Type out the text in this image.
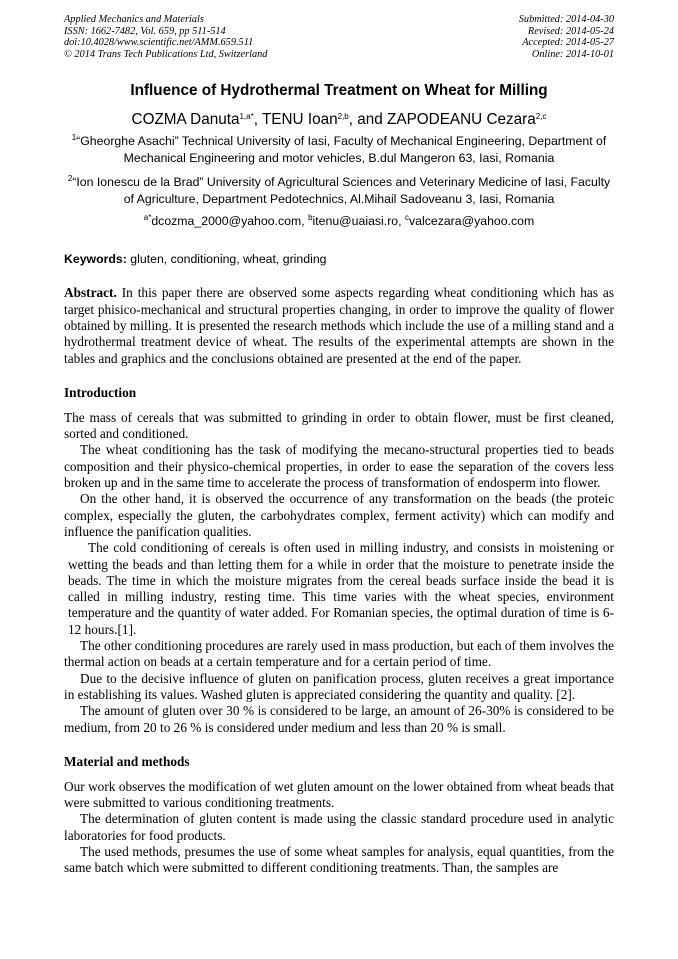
Applied Mechanics and Materials
ISSN: 1662-7482, Vol. 659, pp 511-514
doi:10.4028/www.scientific.net/AMM.659.511
© 2014 Trans Tech Publications Ltd, Switzerland
Submitted: 2014-04-30
Revised: 2014-05-24
Accepted: 2014-05-27
Online: 2014-10-01
Influence of Hydrothermal Treatment on Wheat for Milling
COZMA Danuta$^{1,a*}$, TENU Ioan$^{2,b}$, and ZAPODEANU Cezara$^{2,c}$
$^1$“Gheorghe Asachi” Technical University of Iasi, Faculty of Mechanical Engineering, Department of Mechanical Engineering and motor vehicles, B.dul Mangeron 63, Iasi, Romania
$^2$“Ion Ionescu de la Brad” University of Agricultural Sciences and Veterinary Medicine of Iasi, Faculty of Agriculture, Department Pedotechnics, Al.Mihail Sadoveanu 3, Iasi, Romania
$^{a*}$dcozma_2000@yahoo.com, $^b$itenu@uaiasi.ro, $^c$valcezara@yahoo.com
Keywords: gluten, conditioning, wheat, grinding
Abstract. In this paper there are observed some aspects regarding wheat conditioning which has as target phisico-mechanical and structural properties changing, in order to improve the quality of flower obtained by milling. It is presented the research methods which include the use of a milling stand and a hydrothermal treatment device of wheat. The results of the experimental attempts are shown in the tables and graphics and the conclusions obtained are presented at the end of the paper.
Introduction

The mass of cereals that was submitted to grinding in order to obtain flower, must be first cleaned, sorted and conditioned.

The wheat conditioning has the task of modifying the mecano-structural properties tied to beads composition and their physico-chemical properties, in order to ease the separation of the covers less broken up and in the same time to accelerate the process of transformation of endosperm into flower.

On the other hand, it is observed the occurrence of any transformation on the beads (the proteic complex, especially the gluten, the carbohydrates complex, ferment activity) which can modify and influence the panification qualities.

The cold conditioning of cereals is often used in milling industry, and consists in moistening or wetting the beads and than letting them for a while in order that the moisture to penetrate inside the beads. The time in which the moisture migrates from the cereal beads surface inside the bead it is called in milling industry, resting time. This time varies with the wheat species, environment temperature and the quantity of water added. For Romanian species, the optimal duration of time is 6-12 hours.[1].

The other conditioning procedures are rarely used in mass production, but each of them involves the thermal action on beads at a certain temperature and for a certain period of time.

Due to the decisive influence of gluten on panification process, gluten receives a great importance in establishing its values. Washed gluten is appreciated considering the quantity and quality. [2].

The amount of gluten over 30 % is considered to be large, an amount of 26-30% is considered to be medium, from 20 to 26 % is considered under medium and less than 20 % is small.

Material and methods

Our work observes the modification of wet gluten amount on the lower obtained from wheat beads that were submitted to various conditioning treatments.

The determination of gluten content is made using the classic standard procedure used in analytic laboratories for food products.

The used methods, presumes the use of some wheat samples for analysis, equal quantities, from the same batch which were submitted to different conditioning treatments. Than, the samples are
